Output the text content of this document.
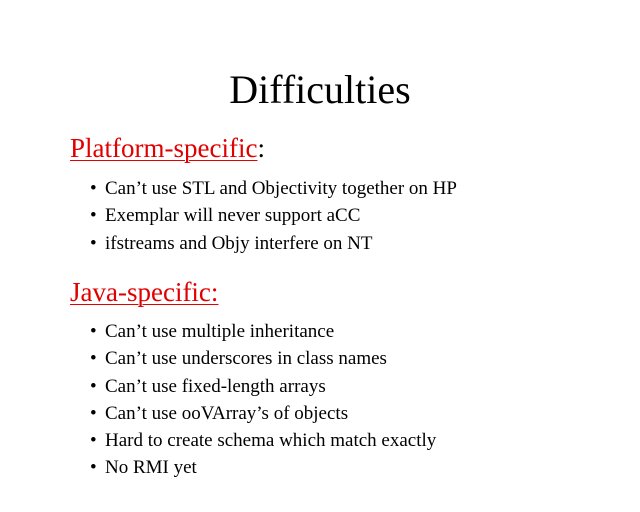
Difficulties
Platform-specific:
• Can’t use STL and Objectivity together on HP
• Exemplar will never support aCC
• ifstreams and Objy interfere on NT
Java-specific:
• Can’t use multiple inheritance
• Can’t use underscores in class names
• Can’t use fixed-length arrays
• Can’t use ooVArray’s of objects
• Hard to create schema which match exactly
• No RMI yet
